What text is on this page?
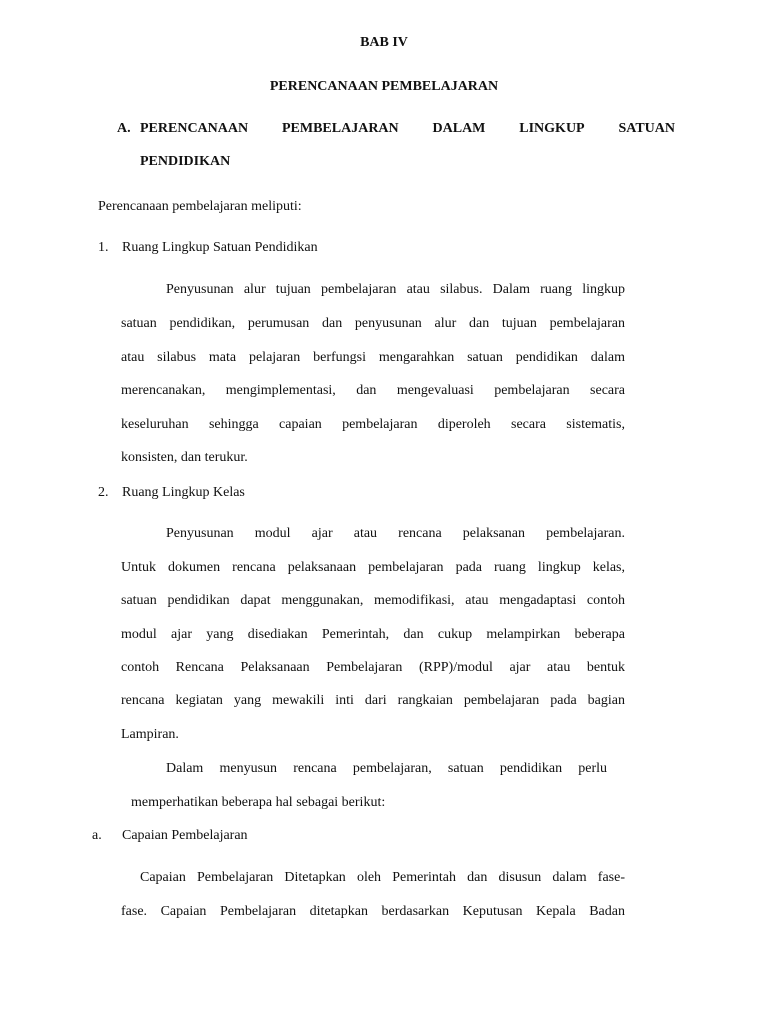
BAB IV
PERENCANAAN PEMBELAJARAN
A. PERENCANAAN PEMBELAJARAN DALAM LINGKUP SATUAN
PENDIDIKAN
Perencanaan pembelajaran meliputi:
1. Ruang Lingkup Satuan Pendidikan
Penyusunan alur tujuan pembelajaran atau silabus. Dalam ruang lingkup
satuan pendidikan, perumusan dan penyusunan alur dan tujuan pembelajaran
atau silabus mata pelajaran berfungsi mengarahkan satuan pendidikan dalam
merencanakan, mengimplementasi, dan mengevaluasi pembelajaran secara
keseluruhan sehingga capaian pembelajaran diperoleh secara sistematis,
konsisten, dan terukur.
2. Ruang Lingkup Kelas
Penyusunan modul ajar atau rencana pelaksanan pembelajaran.
Untuk dokumen rencana pelaksanaan pembelajaran pada ruang lingkup kelas,
satuan pendidikan dapat menggunakan, memodifikasi, atau mengadaptasi contoh
modul ajar yang disediakan Pemerintah, dan cukup melampirkan beberapa
contoh Rencana Pelaksanaan Pembelajaran (RPP)/modul ajar atau bentuk
rencana kegiatan yang mewakili inti dari rangkaian pembelajaran pada bagian
Lampiran.
Dalam menyusun rencana pembelajaran, satuan pendidikan perlu
memperhatikan beberapa hal sebagai berikut:
a. Capaian Pembelajaran
Capaian Pembelajaran Ditetapkan oleh Pemerintah dan disusun dalam fase-
fase. Capaian Pembelajaran ditetapkan berdasarkan Keputusan Kepala Badan
